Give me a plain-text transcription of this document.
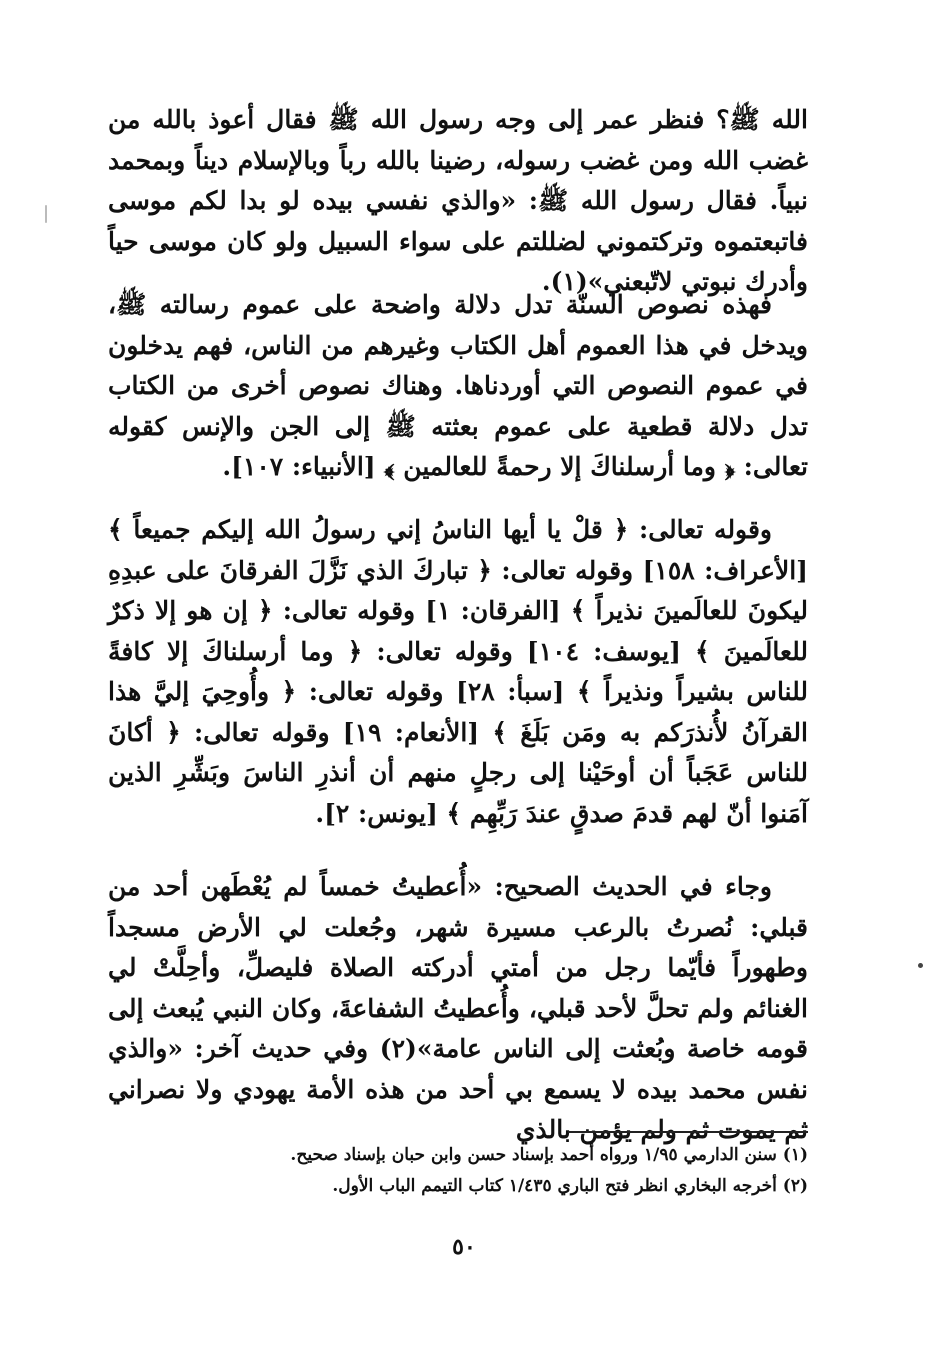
الله ﷺ؟ فنظر عمر إلى وجه رسول الله ﷺ فقال أعوذ بالله من غضب الله ومن غضب رسوله، رضينا بالله رباً وبالإسلام ديناً وبمحمد نبياً. فقال رسول الله ﷺ: «والذي نفسي بيده لو بدا لكم موسى فاتبعتموه وتركتموني لضللتم على سواء السبيل ولو كان موسى حياً وأدرك نبوتي لاتّبعني»(١).

فهذه نصوص السنّة تدل دلالة واضحة على عموم رسالته ﷺ، ويدخل في هذا العموم أهل الكتاب وغيرهم من الناس، فهم يدخلون في عموم النصوص التي أوردناها. وهناك نصوص أخرى من الكتاب تدل دلالة قطعية على عموم بعثته ﷺ إلى الجن والإنس كقوله تعالى: ﴿ وما أرسلناكَ إلا رحمةً للعالمين ﴾ [الأنبياء: ١٠٧].

وقوله تعالى: ﴿ قلْ يا أيها الناسُ إني رسولُ الله إليكم جميعاً ﴾ [الأعراف: ١٥٨] وقوله تعالى: ﴿ تباركَ الذي نَزَّلَ الفرقانَ على عبدِهِ ليكونَ للعالَمينَ نذيراً ﴾ [الفرقان: ١] وقوله تعالى: ﴿ إن هو إلا ذكرٌ للعالَمينَ ﴾ [يوسف: ١٠٤] وقوله تعالى: ﴿ وما أرسلناكَ إلا كافةً للناس بشيراً ونذيراً ﴾ [سبأ: ٢٨] وقوله تعالى: ﴿ وأُوحِيَ إليَّ هذا القرآنُ لأُنذرَكم به ومَن بَلَغَ ﴾ [الأنعام: ١٩] وقوله تعالى: ﴿ أكانَ للناس عَجَباً أن أوحَيْنا إلى رجلٍ منهم أن أنذرِ الناسَ وبَشِّرِ الذين آمَنوا أنّ لهم قدمَ صدقٍ عندَ رَبِّهِم ﴾ [يونس: ٢].

وجاء في الحديث الصحيح: «أُعطيتُ خمساً لم يُعْطَهن أحد من قبلي: نُصرتُ بالرعب مسيرة شهر، وجُعلت لي الأرض مسجداً وطهوراً فأيّما رجل من أمتي أدركته الصلاة فليصلِّ، وأحِلَّتْ لي الغنائم ولم تحلَّ لأحد قبلي، وأُعطيتُ الشفاعةَ، وكان النبي يُبعث إلى قومه خاصة وبُعثت إلى الناس عامة»(٢) وفي حديث آخر: «والذي نفس محمد بيده لا يسمع بي أحد من هذه الأمة يهودي ولا نصراني ثم يموت ثم ولم يؤمن بالذي

(١) سنن الدارمي ١/٩٥ ورواه أحمد بإسناد حسن وابن حبان بإسناد صحيح.

(٢) أخرجه البخاري انظر فتح الباري ١/٤٣٥ كتاب التيمم الباب الأول.

٥٠
